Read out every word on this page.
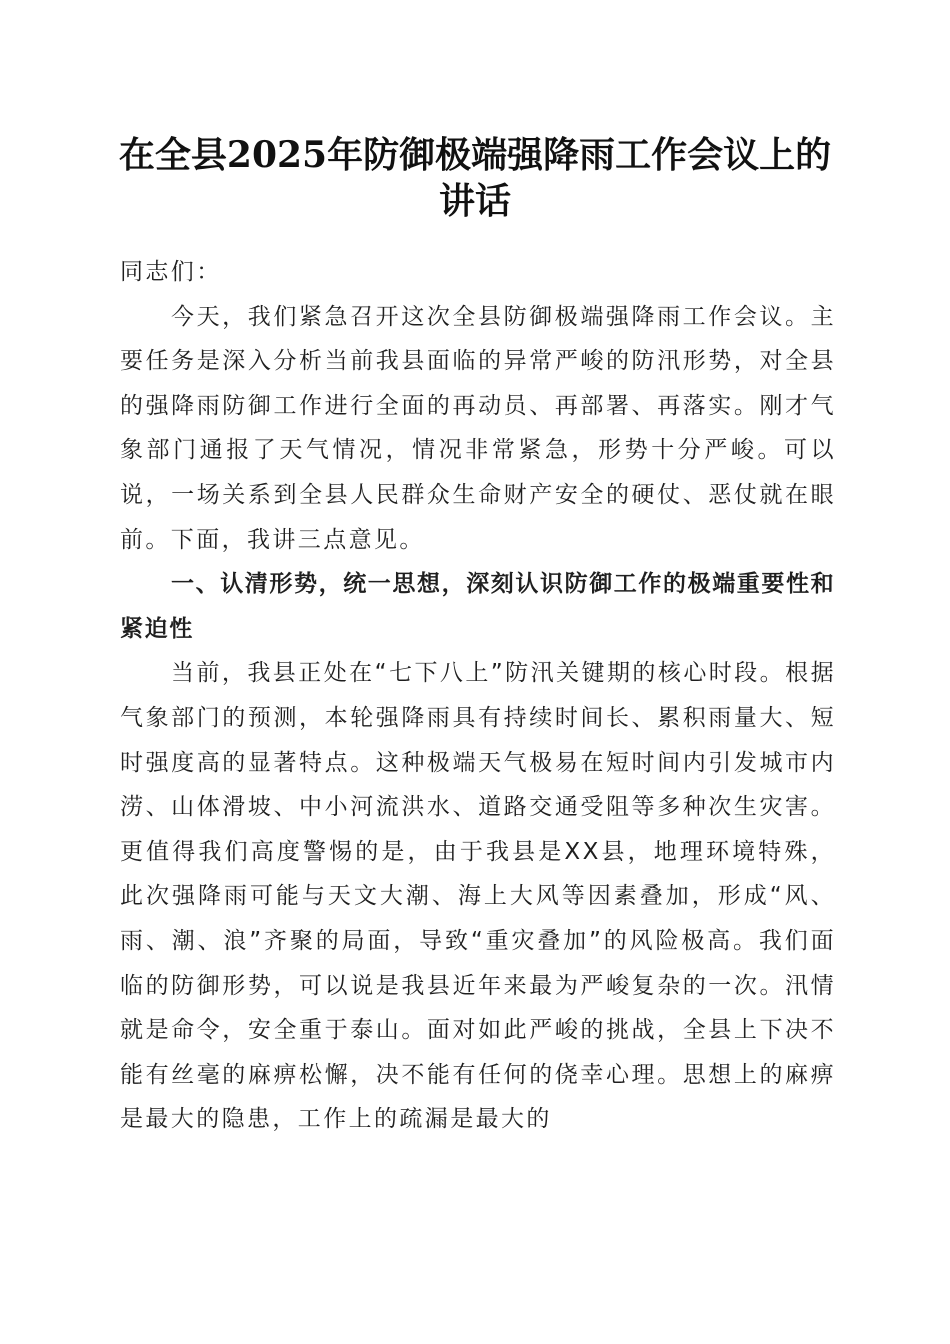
在全县2025年防御极端强降雨工作会议上的
讲话

同志们：

今天，我们紧急召开这次全县防御极端强降雨工作会议。主要任务是深入分析当前我县面临的异常严峻的防汛形势，对全县的强降雨防御工作进行全面的再动员、再部署、再落实。刚才气象部门通报了天气情况，情况非常紧急，形势十分严峻。可以说，一场关系到全县人民群众生命财产安全的硬仗、恶仗就在眼前。下面，我讲三点意见。

一、认清形势，统一思想，深刻认识防御工作的极端重要性和紧迫性

当前，我县正处在“七下八上”防汛关键期的核心时段。根据气象部门的预测，本轮强降雨具有持续时间长、累积雨量大、短时强度高的显著特点。这种极端天气极易在短时间内引发城市内涝、山体滑坡、中小河流洪水、道路交通受阻等多种次生灾害。更值得我们高度警惕的是，由于我县是XX县，地理环境特殊，此次强降雨可能与天文大潮、海上大风等因素叠加，形成“风、雨、潮、浪”齐聚的局面，导致“重灾叠加”的风险极高。我们面临的防御形势，可以说是我县近年来最为严峻复杂的一次。汛情就是命令，安全重于泰山。面对如此严峻的挑战，全县上下决不能有丝毫的麻痹松懈，决不能有任何的侥幸心理。思想上的麻痹是最大的隐患，工作上的疏漏是最大的
